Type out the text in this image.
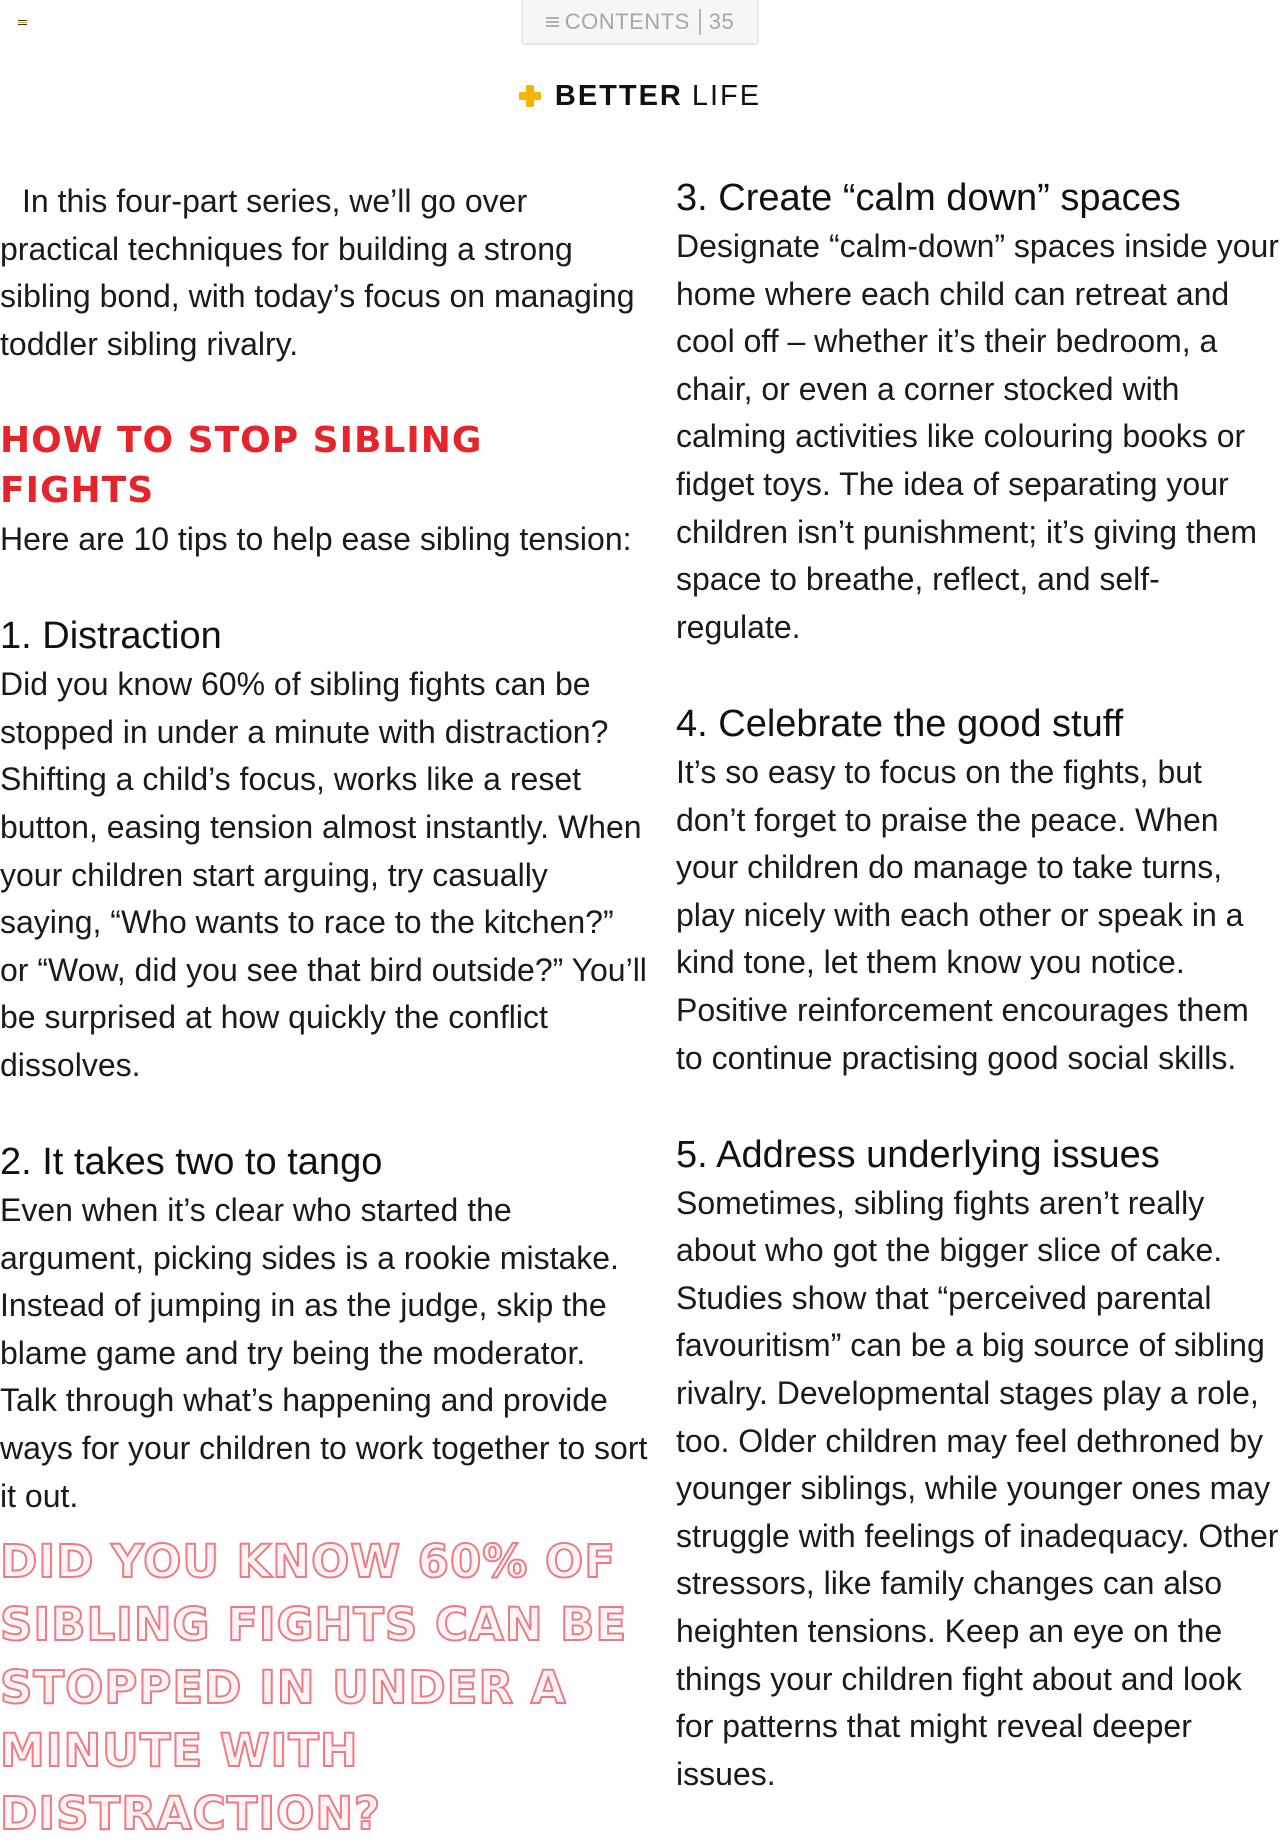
CONTENTS 35
BETTER LIFE

In this four-part series, we’ll go over practical techniques for building a strong sibling bond, with today’s focus on managing toddler sibling rivalry.

HOW TO STOP SIBLING FIGHTS

Here are 10 tips to help ease sibling tension:

1. Distraction

Did you know 60% of sibling fights can be stopped in under a minute with distraction? Shifting a child’s focus, works like a reset button, easing tension almost instantly. When your children start arguing, try casually saying, “Who wants to race to the kitchen?” or “Wow, did you see that bird outside?” You’ll be surprised at how quickly the conflict dissolves.

2. It takes two to tango

Even when it’s clear who started the argument, picking sides is a rookie mistake. Instead of jumping in as the judge, skip the blame game and try being the moderator. Talk through what’s happening and provide ways for your children to work together to sort it out.

DID YOU KNOW 60% OF SIBLING FIGHTS CAN BE STOPPED IN UNDER A MINUTE WITH DISTRACTION?

3. Create “calm down” spaces

Designate “calm-down” spaces inside your home where each child can retreat and cool off – whether it’s their bedroom, a chair, or even a corner stocked with calming activities like colouring books or fidget toys. The idea of separating your children isn’t punishment; it’s giving them space to breathe, reflect, and self-regulate.

4. Celebrate the good stuff

It’s so easy to focus on the fights, but don’t forget to praise the peace. When your children do manage to take turns, play nicely with each other or speak in a kind tone, let them know you notice. Positive reinforcement encourages them to continue practising good social skills.

5. Address underlying issues

Sometimes, sibling fights aren’t really about who got the bigger slice of cake. Studies show that “perceived parental favouritism” can be a big source of sibling rivalry. Developmental stages play a role, too. Older children may feel dethroned by younger siblings, while younger ones may struggle with feelings of inadequacy. Other stressors, like family changes can also heighten tensions. Keep an eye on the things your children fight about and look for patterns that might reveal deeper issues.
